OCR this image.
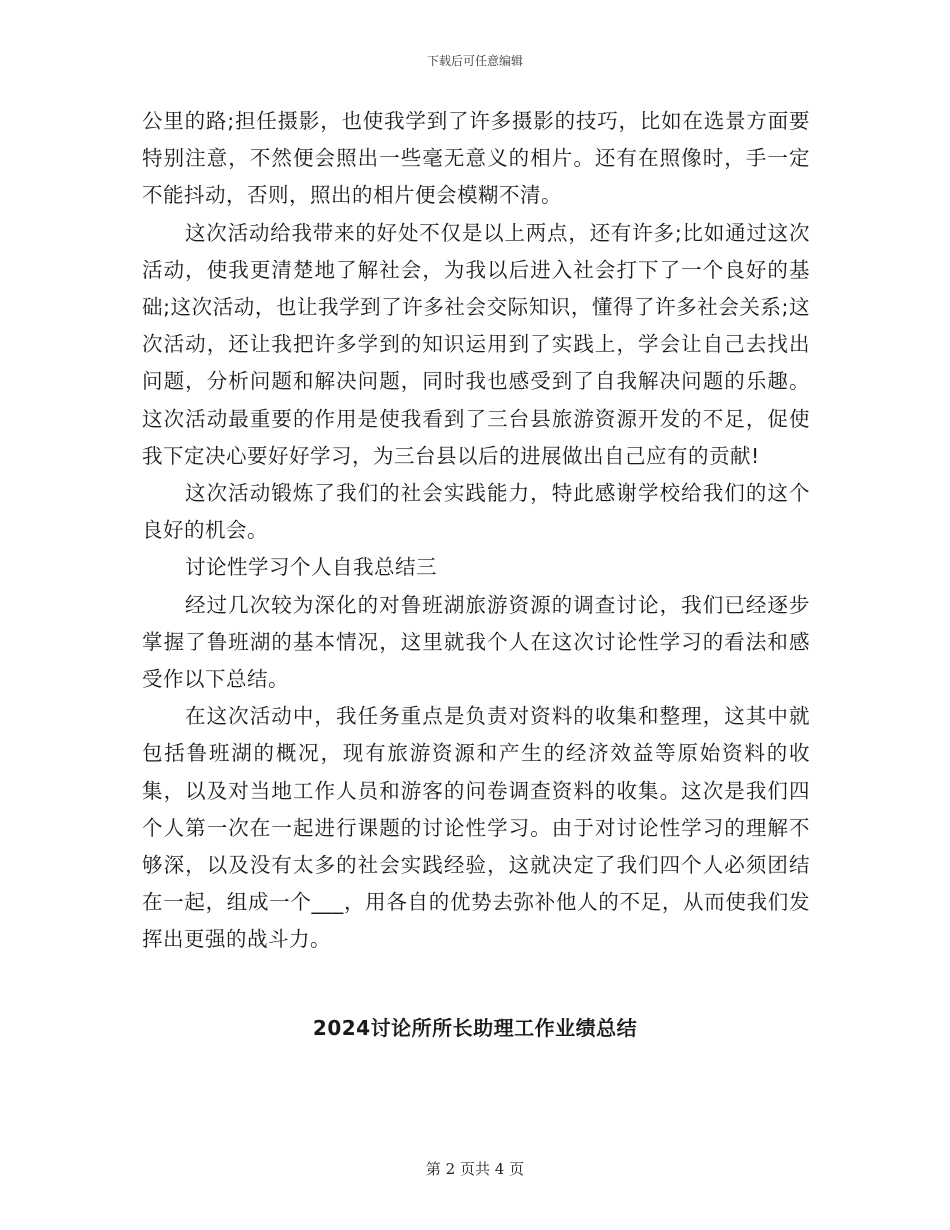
下载后可任意编辑

公里的路;担任摄影，也使我学到了许多摄影的技巧，比如在选景方面要特别注意，不然便会照出一些毫无意义的相片。还有在照像时，手一定不能抖动，否则，照出的相片便会模糊不清。

这次活动给我带来的好处不仅是以上两点，还有许多;比如通过这次活动，使我更清楚地了解社会，为我以后进入社会打下了一个良好的基础;这次活动，也让我学到了许多社会交际知识，懂得了许多社会关系;这次活动，还让我把许多学到的知识运用到了实践上，学会让自己去找出问题，分析问题和解决问题，同时我也感受到了自我解决问题的乐趣。这次活动最重要的作用是使我看到了三台县旅游资源开发的不足，促使我下定决心要好好学习，为三台县以后的进展做出自己应有的贡献!

这次活动锻炼了我们的社会实践能力，特此感谢学校给我们的这个良好的机会。

讨论性学习个人自我总结三

经过几次较为深化的对鲁班湖旅游资源的调查讨论，我们已经逐步掌握了鲁班湖的基本情况，这里就我个人在这次讨论性学习的看法和感受作以下总结。

在这次活动中，我任务重点是负责对资料的收集和整理，这其中就包括鲁班湖的概况，现有旅游资源和产生的经济效益等原始资料的收集，以及对当地工作人员和游客的问卷调查资料的收集。这次是我们四个人第一次在一起进行课题的讨论性学习。由于对讨论性学习的理解不够深，以及没有太多的社会实践经验，这就决定了我们四个人必须团结在一起，组成一个___，用各自的优势去弥补他人的不足，从而使我们发挥出更强的战斗力。

2024讨论所所长助理工作业绩总结
第 2 页共 4 页
